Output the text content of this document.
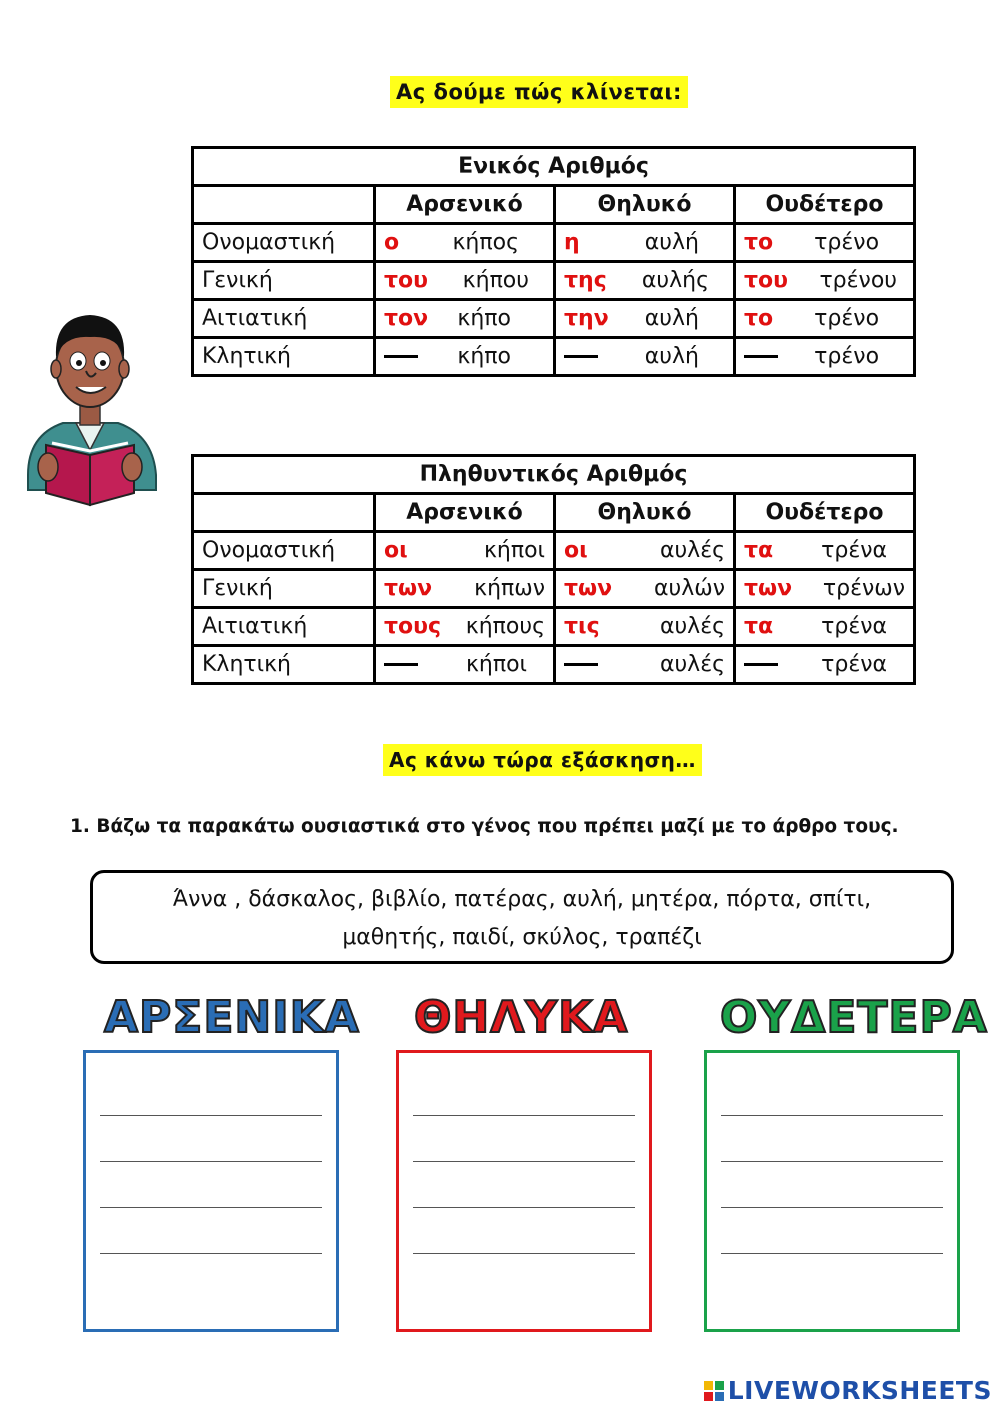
Ας δούμε πώς κλίνεται:
Ενικός Αριθμός			
	Αρσενικό	Θηλυκό	Ουδέτερο
Ονομαστική	ο κήπος	η αυλή	το τρένο

Γενική	του κήπου	της αυλής	του τρένου

Αιτιατική	τον κήπο	την αυλή	το τρένο

Κλητική	κήπο	αυλή	τρένο
Πληθυντικός Αριθμός			
	Αρσενικό	Θηλυκό	Ουδέτερο
Ονομαστική	οι κήποι	οι αυλές	τα τρένα

Γενική	των κήπων	των αυλών	των τρένων

Αιτιατική	τους κήπους	τις αυλές	τα τρένα

Κλητική	κήποι	αυλές	τρένα
Ας κάνω τώρα εξάσκηση…
1. Βάζω τα παρακάτω ουσιαστικά στο γένος που πρέπει μαζί με το άρθρο τους.
Άννα , δάσκαλος, βιβλίο, πατέρας, αυλή, μητέρα, πόρτα, σπίτι,
μαθητής, παιδί, σκύλος, τραπέζι
ΑΡΣΕΝΙΚΑ ΘΗΛΥΚΑ ΟΥΔΕΤΕΡΑ
LIVEWORKSHEETS
